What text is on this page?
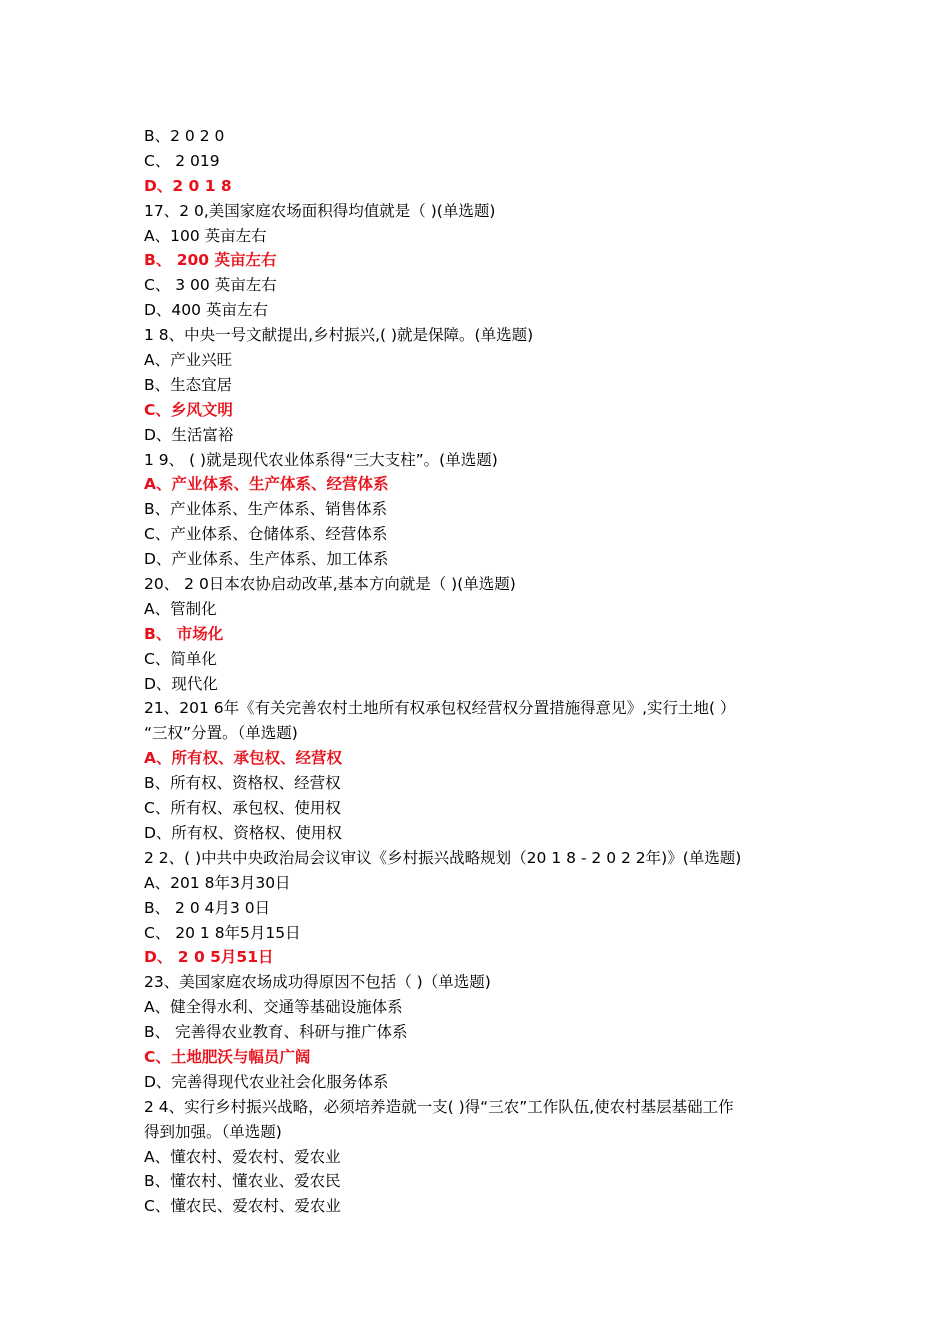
B、2 0 2 0
C、 2 019
D、2 0 1 8
17、2 0,美国家庭农场面积得均值就是（ )(单选题)
A、100 英亩左右
B、 200 英亩左右
C、 3 00 英亩左右
D、400 英亩左右
1 8、中央一号文献提出,乡村振兴,( )就是保障。(单选题)
A、产业兴旺
B、生态宜居
C、乡风文明
D、生活富裕
1 9、 ( )就是现代农业体系得“三大支柱”。(单选题)
A、产业体系、生产体系、经营体系
B、产业体系、生产体系、销售体系
C、产业体系、仓储体系、经营体系
D、产业体系、生产体系、加工体系
20、 2 0日本农协启动改革,基本方向就是（ )(单选题)
A、管制化
B、 市场化
C、简单化
D、现代化
21、201 6年《有关完善农村土地所有权承包权经营权分置措施得意见》,实行土地( ）
“三权”分置。（单选题)
A、所有权、承包权、经营权
B、所有权、资格权、经营权
C、所有权、承包权、使用权
D、所有权、资格权、使用权
2 2、( )中共中央政治局会议审议《乡村振兴战略规划（20 1 8 - 2 0 2 2年)》(单选题)
A、201 8年3月30日
B、 2 0 4月3 0日
C、 20 1 8年5月15日
D、 2 0 5月51日
23、美国家庭农场成功得原因不包括（ )（单选题)
A、健全得水利、交通等基础设施体系
B、 完善得农业教育、科研与推广体系
C、土地肥沃与幅员广阔
D、完善得现代农业社会化服务体系
2 4、实行乡村振兴战略，必须培养造就一支( )得“三农”工作队伍,使农村基层基础工作
得到加强。（单选题)
A、懂农村、爱农村、爱农业
B、懂农村、懂农业、爱农民
C、懂农民、爱农村、爱农业
